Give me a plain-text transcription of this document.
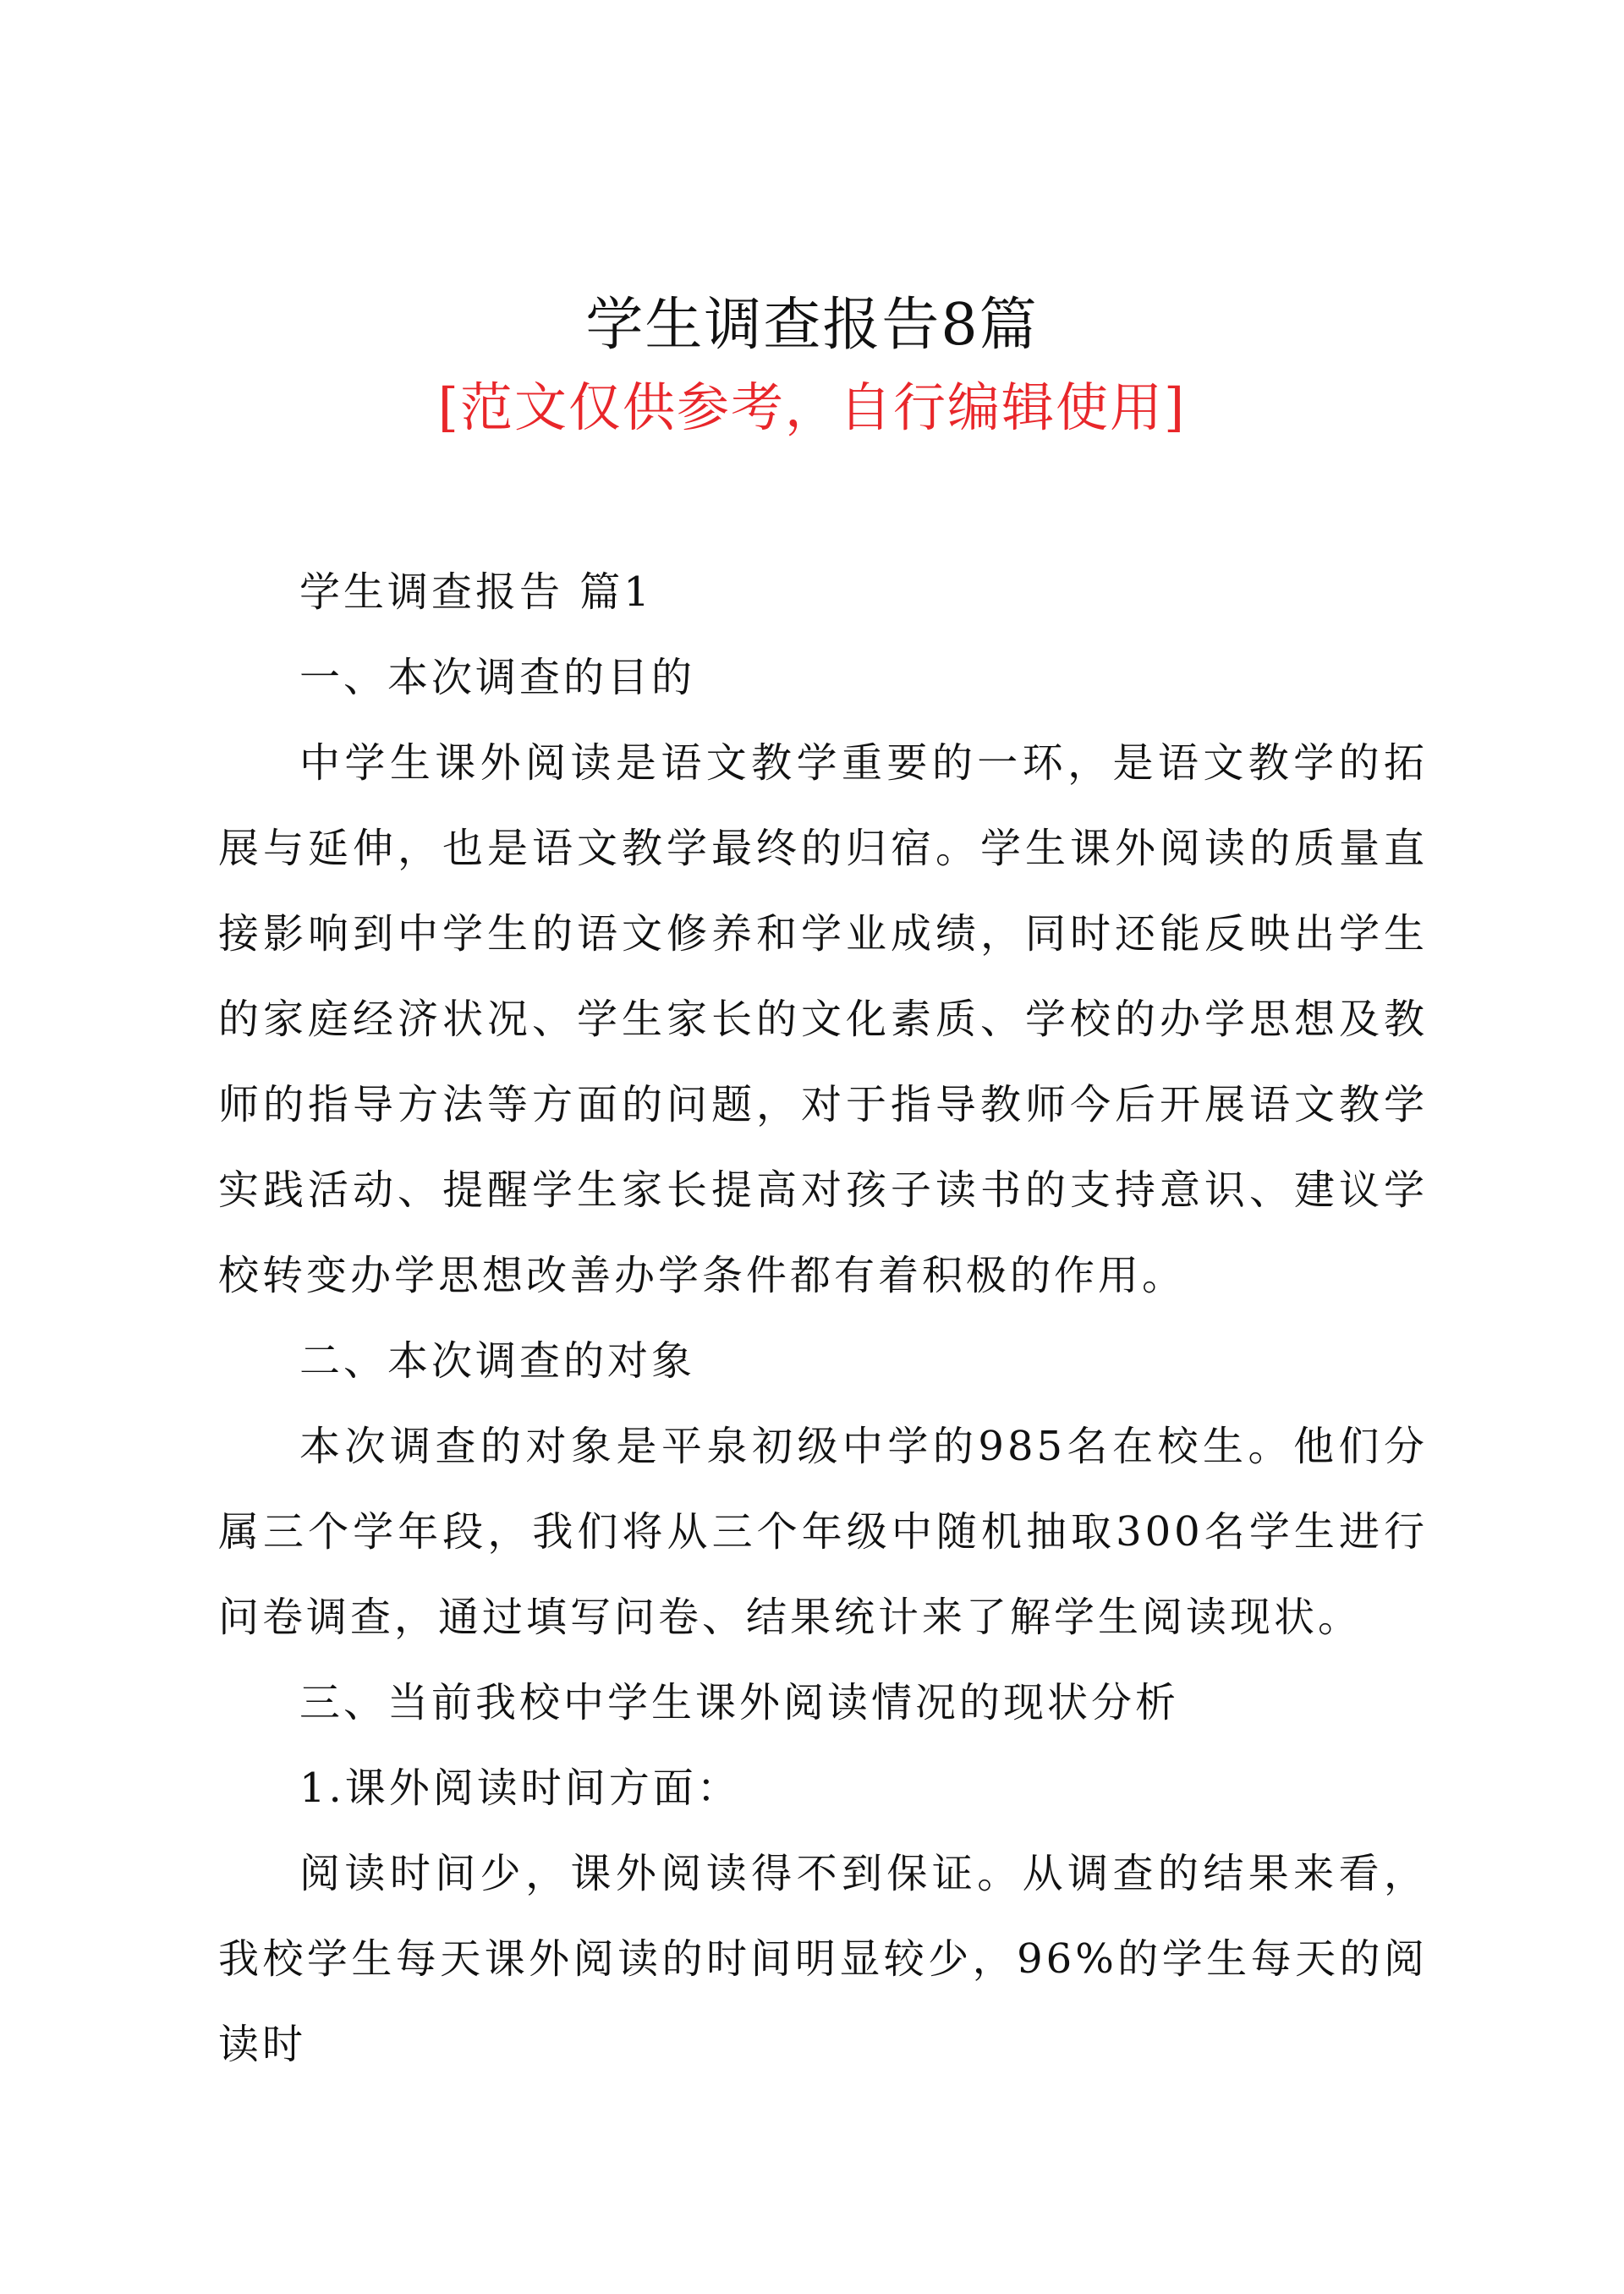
学生调查报告8篇
[范文仅供参考，自行编辑使用]

学生调查报告 篇1

一、本次调查的目的

中学生课外阅读是语文教学重要的一环，是语文教学的拓展与延伸，也是语文教学最终的归宿。学生课外阅读的质量直接影响到中学生的语文修养和学业成绩，同时还能反映出学生的家庭经济状况、学生家长的文化素质、学校的办学思想及教师的指导方法等方面的问题，对于指导教师今后开展语文教学实践活动、提醒学生家长提高对孩子读书的支持意识、建议学校转变办学思想改善办学条件都有着积极的作用。

二、本次调查的对象

本次调查的对象是平泉初级中学的985名在校生。他们分属三个学年段，我们将从三个年级中随机抽取300名学生进行问卷调查，通过填写问卷、结果统计来了解学生阅读现状。

三、当前我校中学生课外阅读情况的现状分析

1.课外阅读时间方面：

阅读时间少，课外阅读得不到保证。从调查的结果来看，我校学生每天课外阅读的时间明显较少，96%的学生每天的阅读时
